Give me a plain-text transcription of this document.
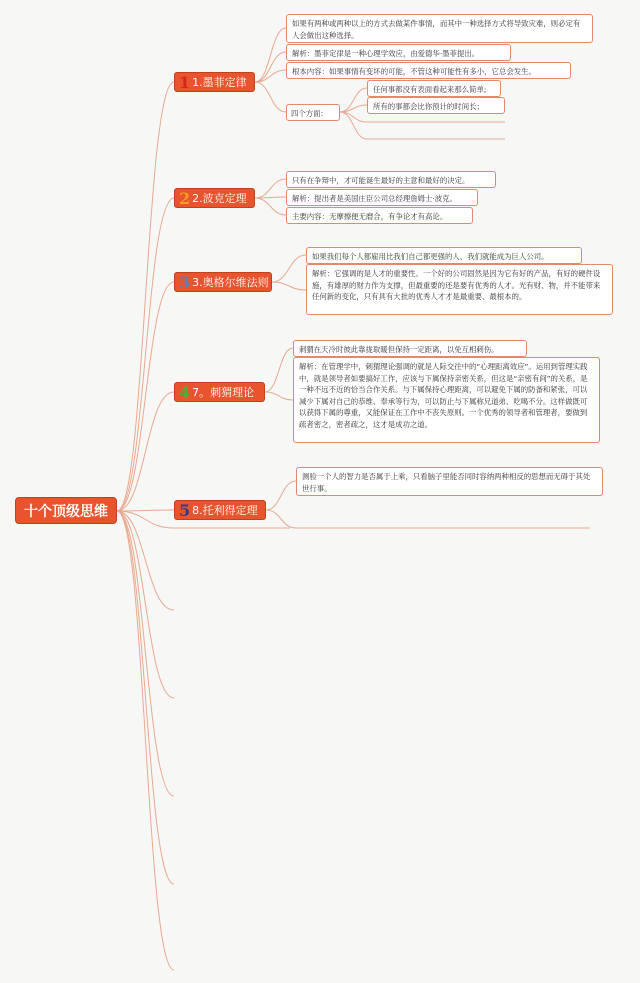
十个顶级思维
1 1.墨菲定律
如果有两种或两种以上的方式去做某件事情，而其中一种选择方式将导致灾难，则必定有人会做出这种选择。
解析：墨菲定律是一种心理学效应，由爱德华·墨菲提出。
根本内容：如果事情有变坏的可能，不管这种可能性有多小，它总会发生。
四个方面:
任何事都没有表面看起来那么简单;
所有的事都会比你预计的时间长；
2 2.波克定理
只有在争辩中，才可能诞生最好的主意和最好的决定。
解析：提出者是美国庄臣公司总经理詹姆士·波克。
主要内容：无摩擦便无磨合，有争论才有高论。
3 3.奥格尔维法则
如果我们每个人都雇用比我们自己都更强的人，我们就能成为巨人公司。
解析：它强调的是人才的重要性。一个好的公司固然是因为它有好的产品，有好的硬件设施，有雄厚的财力作为支撑，但最重要的还是要有优秀的人才。光有财、物，并不能带来任何新的变化，只有具有大批的优秀人才才是最重要、最根本的。
4 7。刺猬理论
刺猬在天冷时彼此靠拢取暖但保持一定距离，以免互相刺伤。
解析：在管理学中，刺猬理论强调的就是人际交往中的“心理距离效应”。运用到管理实践中，就是领导者如要搞好工作，应该与下属保持亲密关系，但这是“亲密有间”的关系，是一种不远不近的恰当合作关系。与下属保持心理距离，可以避免下属的防备和紧张，可以减少下属对自己的恭维、奉承等行为，可以防止与下属称兄道弟、吃喝不分。这样做既可以获得下属的尊重，又能保证在工作中不丧失原则。一个优秀的领导者和管理者，要做到疏者密之，密者疏之，这才是成功之道。
5 8.托利得定理
测验一个人的智力是否属于上乘，只看脑子里能否同时容纳两种相反的思想而无碍于其处世行事。
